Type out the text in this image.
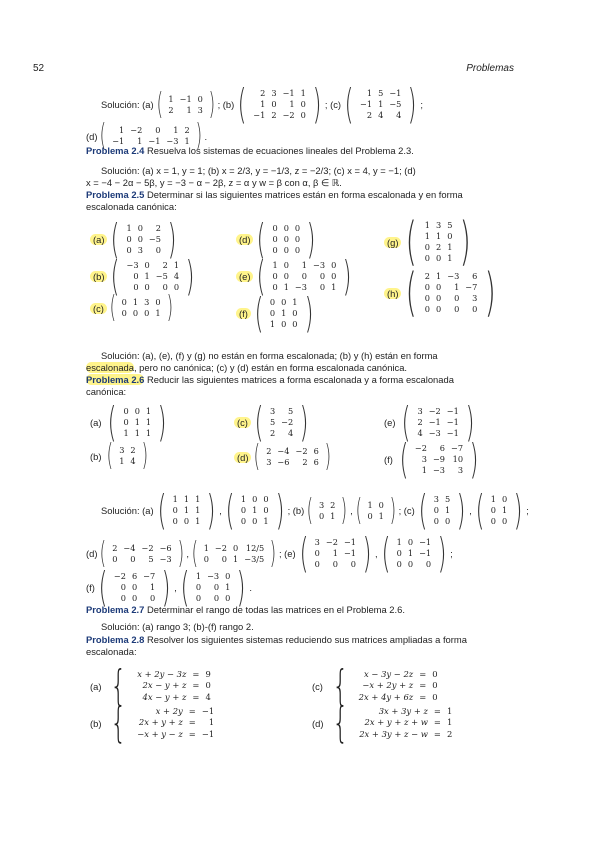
52	Problemas
Solución: (a) ( 1	−1	0
2	1	3 ) ; (b) ( 2	3	−1	1
1	0	1	0
−1	2	−2	0 ) ; (c) ( 1	5	−1
−1	1	−5
2	4	4 ) ;
(d) ( 1	−2	0	1	2
−1	1	−1	−3	1 ) .
Problema 2.4 Resuelva los sistemas de ecuaciones lineales del Problema 2.3.
Solución: (a) x = 1, y = 1; (b) x = 2/3, y = −1/3, z = −2/3; (c) x = 4, y = −1; (d)
x = −4 − 2α − 5β, y = −3 − α − 2β, z = α y w = β con α, β ∈ ℝ.
Problema 2.5 Determinar si las siguientes matrices están en forma escalonada y en forma
escalonada canónica:
(a) ( 1	0	2
0	0	−5
0	3	0 )
(b) ( −3	0	2	1
0	1	−5	4
0	0	0	0 )
(c) ( 0	1	3	0
0	0	0	1 )
(d) ( 0	0	0
0	0	0
0	0	0 )
(e) ( 1	0	1	−3	0
0	0	0	0	0
0	1	−3	0	1 )
(f) ( 0	0	1
0	1	0
1	0	0 )
(g) ( 1	3	5
1	1	0
0	2	1
0	0	1 )
(h) ( 2	1	−3	6
0	0	1	−7
0	0	0	3
0	0	0	0 )
Solución: (a), (e), (f) y (g) no están en forma escalonada; (b) y (h) están en forma
escalonada, pero no canónica; (c) y (d) están en forma escalonada canónica.
Problema 2.6 Reducir las siguientes matrices a forma escalonada y a forma escalonada
canónica:
(a) ( 0	0	1
0	1	1
1	1	1 )
(b) ( 3	2
1	4 )
(c) ( 3	5
5	−2
2	4 )
(d) ( 2	−4	−2	6
3	−6	2	6 )
(e) ( 3	−2	−1
2	−1	−1
4	−3	−1 )
(f) ( −2	6	−7
3	−9	10
1	−3	3 )
Solución: (a) ( 1	1	1
0	1	1
0	0	1 ) , ( 1	0	0
0	1	0
0	0	1 ) ; (b) ( 3	2
0	1 ) , ( 1	0
0	1 ) ; (c) ( 3	5
0	1
0	0 ) , ( 1	0
0	1
0	0 ) ;
(d) ( 2	−4	−2	−6
0	0	5	−3 ) , ( 1	−2	0	12/5
0	0	1	−3/5 ) ; (e) ( 3	−2	−1
0	1	−1
0	0	0 ) , ( 1	0	−1
0	1	−1
0	0	0 ) ;
(f) ( −2	6	−7
0	0	1
0	0	0 ) , ( 1	−3	0
0	0	1
0	0	0 ) .
Problema 2.7 Determinar el rango de todas las matrices en el Problema 2.6.
Solución: (a) rango 3; (b)-(f) rango 2.
Problema 2.8 Resolver los siguientes sistemas reduciendo sus matrices ampliadas a forma
escalonada:
(a) { x + 2y − 3z	=	9
2x − y + z	=	0
4x − y + z	=	4
(b) {	x + 2y	=	−1
2x + y + z	=	1
−x + y − z	=	−1
(c) { x − 3y − 2z	=	0
−x + 2y + z	=	0
2x + 4y + 6z	=	0
(d) {	3x + 3y + z	=	1
2x + y + z + w	=	1
2x + 3y + z − w	=	2
